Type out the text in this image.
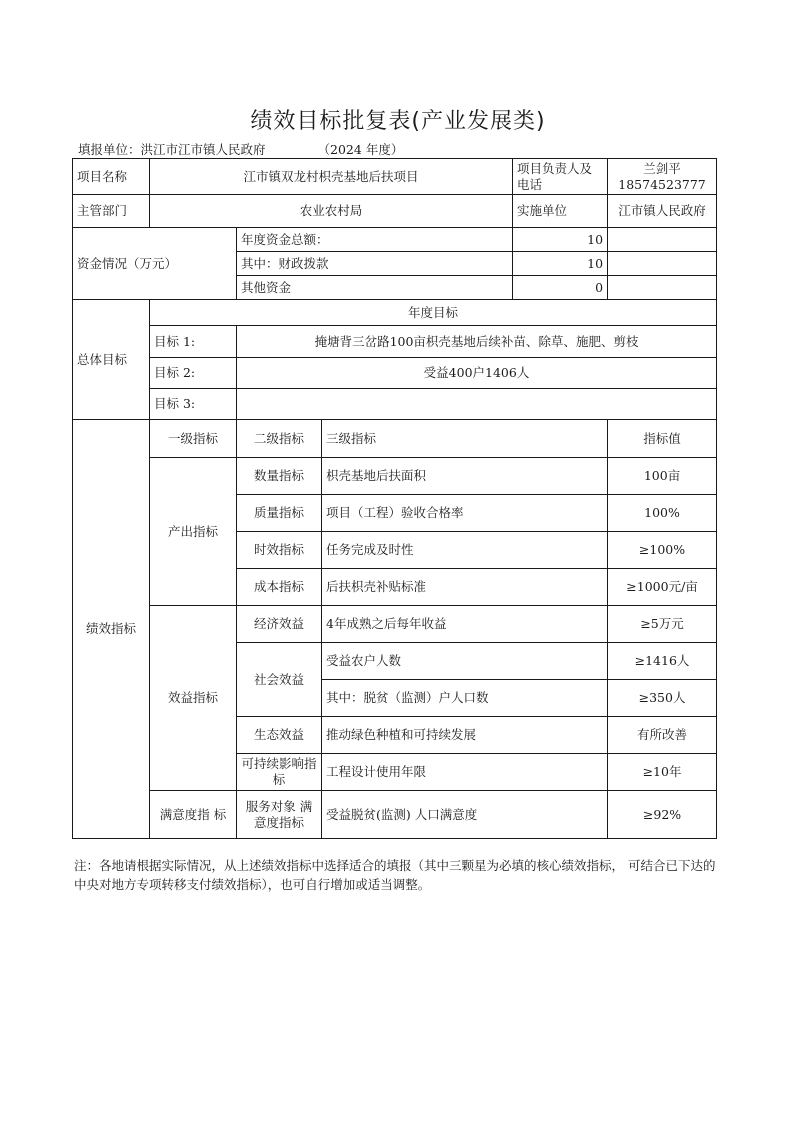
绩效目标批复表(产业发展类)
填报单位：洪江市江市镇人民政府	（2024 年度）
项目名称	江市镇双龙村枳壳基地后扶项目			项目负责人及电话	兰剑平
18574523777

主管部门	农业农村局			实施单位	江市镇人民政府
资金情况（万元）		年度资金总额：		10	
		其中：财政拨款		10	
		其他资金		0	
总体目标	年度目标				
	目标 1:	掩塘背三岔路100亩枳壳基地后续补苗、除草、施肥、剪枝			
	目标 2:	受益400户1406人			
	目标 3:				
绩效指标	一级指标	二级指标	三级指标		指标值
	产出指标	数量指标	枳壳基地后扶面积		100亩
		质量指标	项目（工程）验收合格率		100%
		时效指标	任务完成及时性		≥100%
		成本指标	后扶枳壳补贴标准		≥1000元/亩
	效益指标	经济效益	4年成熟之后每年收益		≥5万元
		社会效益	受益农户人数		≥1416人
			其中：脱贫（监测）户人口数		≥350人
		生态效益	推动绿色种植和可持续发展		有所改善
		可持续影响指标	工程设计使用年限		≥10年
	满意度指 标	服务对象 满意度指标	受益脱贫(监测) 人口满意度		≥92%
注：各地请根据实际情况，从上述绩效指标中选择适合的填报（其中三颗星为必填的核心绩效指标， 可结合已下达的中央对地方专项转移支付绩效指标），也可自行增加或适当调整。
